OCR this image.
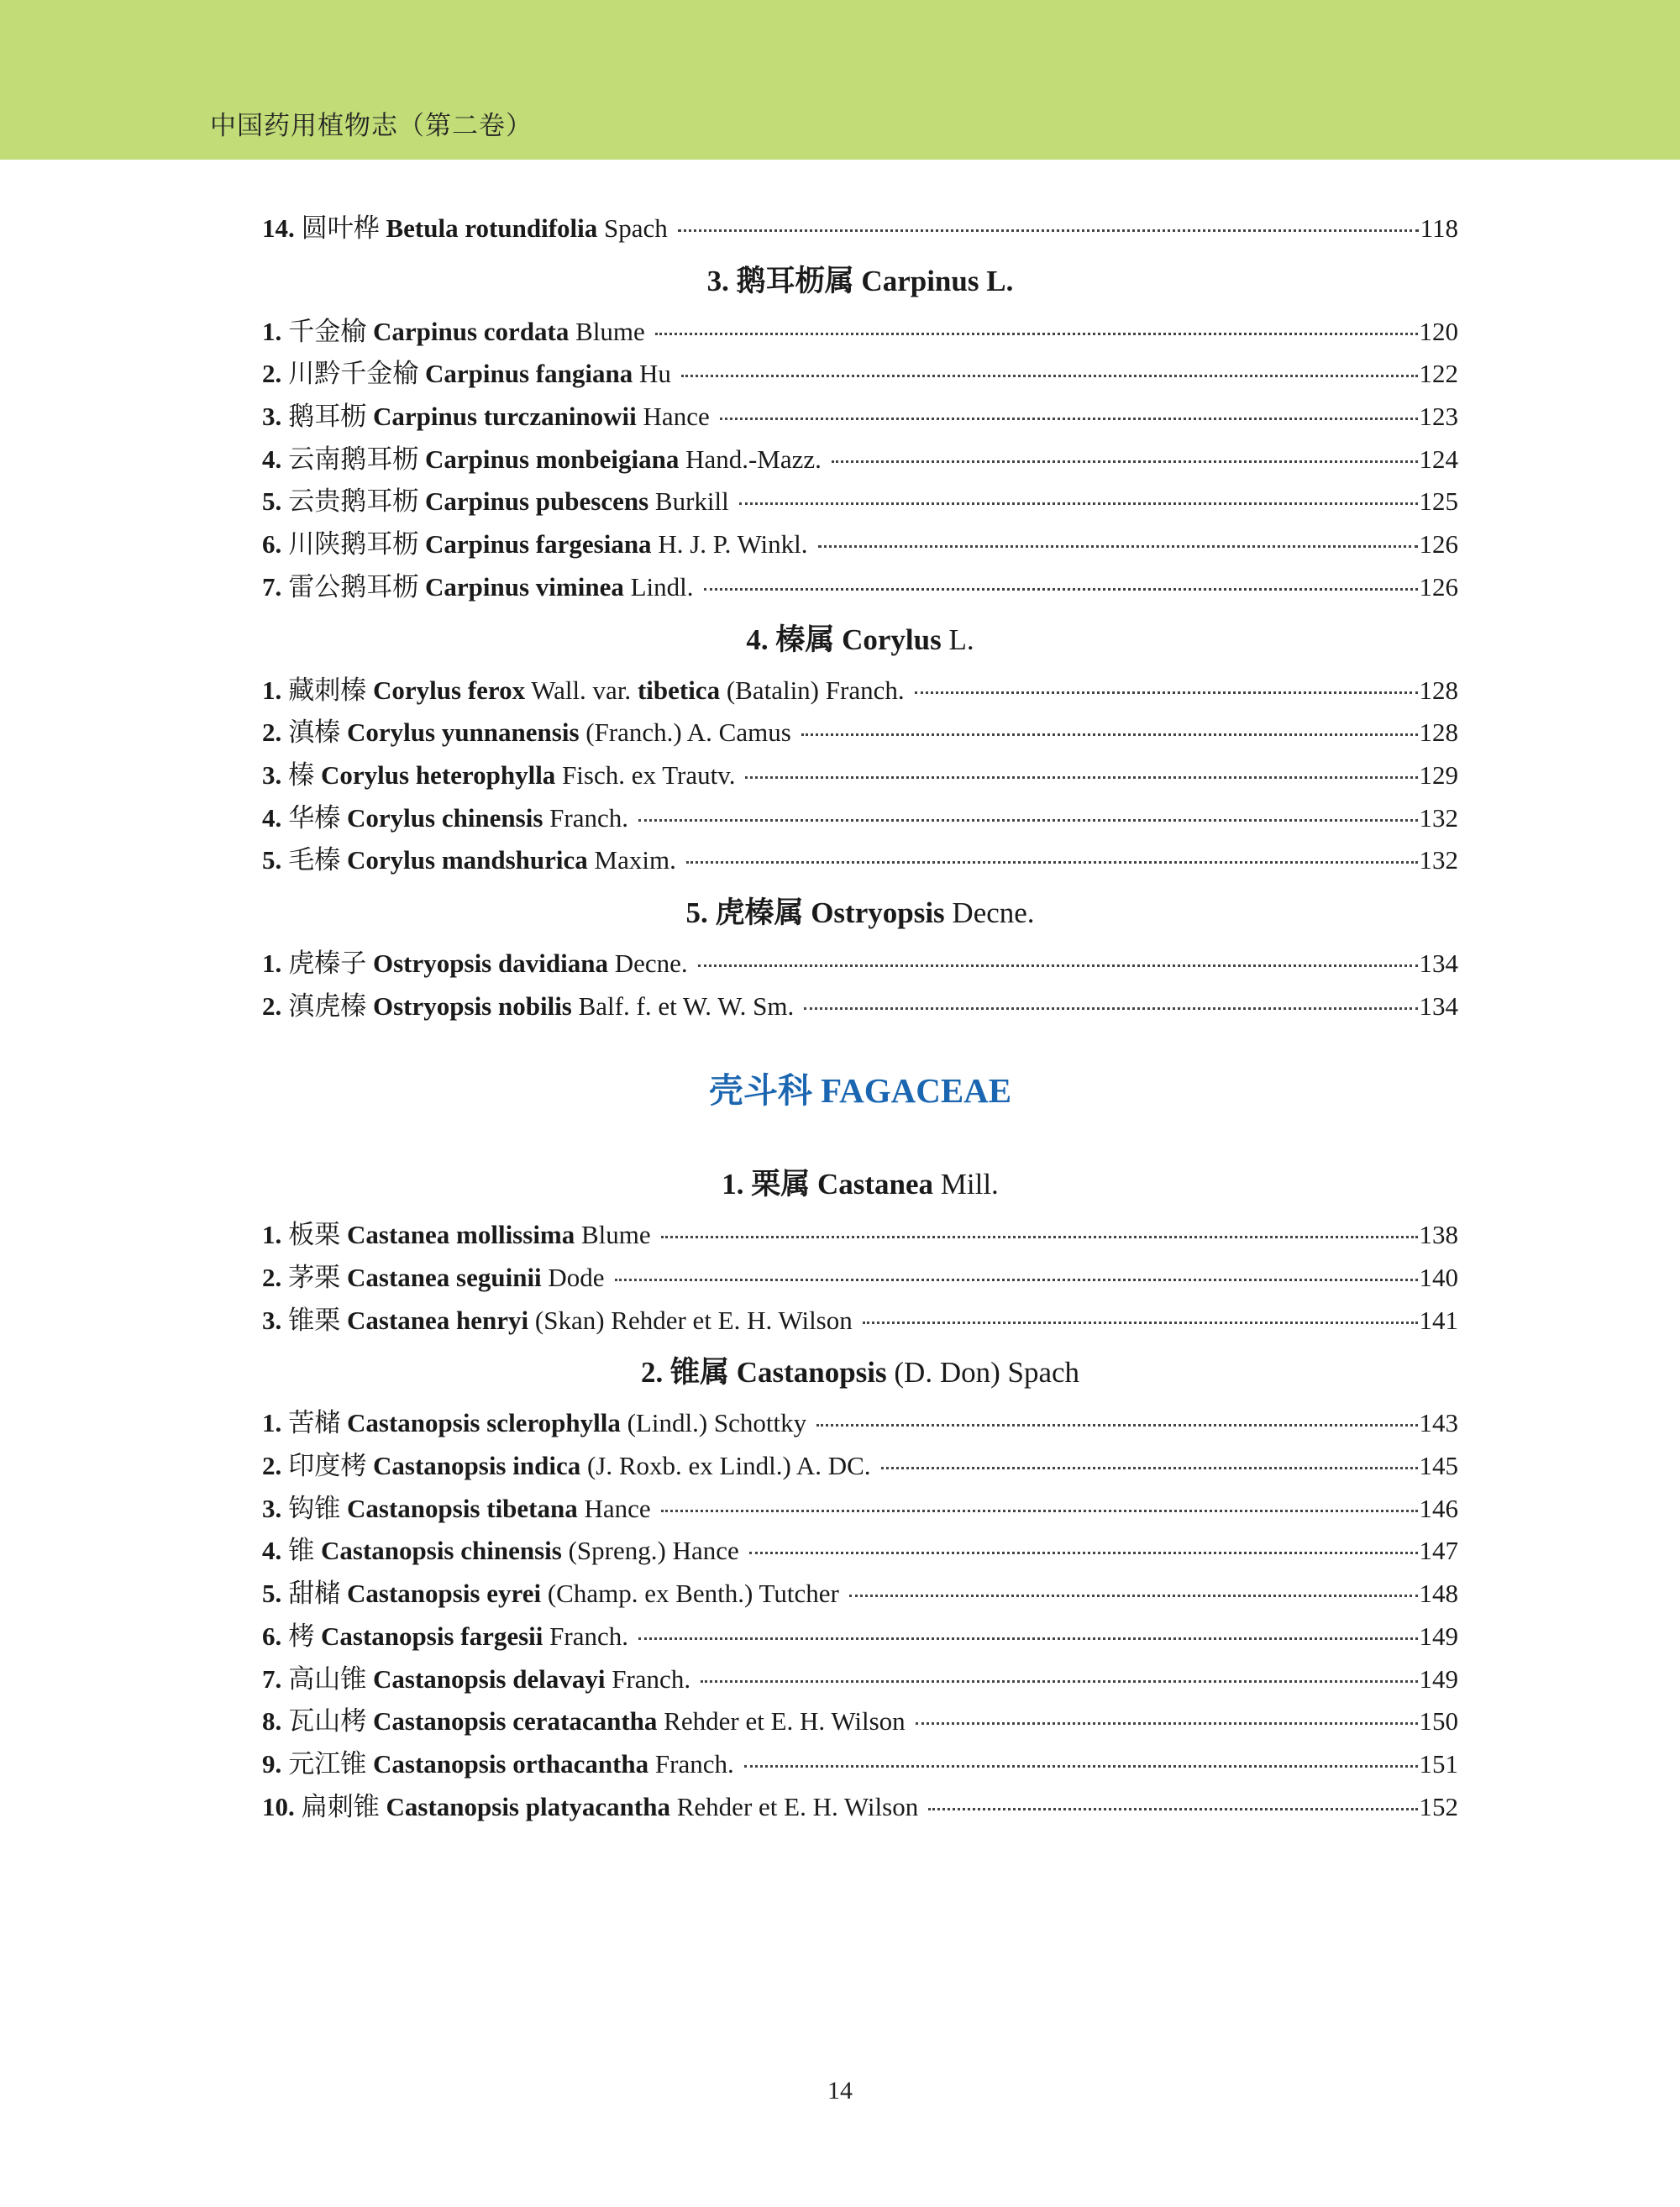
中国药用植物志（第二卷）
14. 圆叶桦 Betula rotundifolia Spach	118
3. 鹅耳枥属 Carpinus L.
1. 千金榆 Carpinus cordata Blume	120
2. 川黔千金榆 Carpinus fangiana Hu	122
3. 鹅耳枥 Carpinus turczaninowii Hance	123
4. 云南鹅耳枥 Carpinus monbeigiana Hand.-Mazz.	124
5. 云贵鹅耳枥 Carpinus pubescens Burkill	125
6. 川陕鹅耳枥 Carpinus fargesiana H. J. P. Winkl.	126
7. 雷公鹅耳枥 Carpinus viminea Lindl.	126
4. 榛属 Corylus L.
1. 藏刺榛 Corylus ferox Wall. var. tibetica (Batalin) Franch.	128
2. 滇榛 Corylus yunnanensis (Franch.) A. Camus	128
3. 榛 Corylus heterophylla Fisch. ex Trautv.	129
4. 华榛 Corylus chinensis Franch.	132
5. 毛榛 Corylus mandshurica Maxim.	132
5. 虎榛属 Ostryopsis Decne.
1. 虎榛子 Ostryopsis davidiana Decne.	134
2. 滇虎榛 Ostryopsis nobilis Balf. f. et W. W. Sm.	134
壳斗科 FAGACEAE
1. 栗属 Castanea Mill.
1. 板栗 Castanea mollissima Blume	138
2. 茅栗 Castanea seguinii Dode	140
3. 锥栗 Castanea henryi (Skan) Rehder et E. H. Wilson	141
2. 锥属 Castanopsis (D. Don) Spach
1. 苦槠 Castanopsis sclerophylla (Lindl.) Schottky	143
2. 印度栲 Castanopsis indica (J. Roxb. ex Lindl.) A. DC.	145
3. 钩锥 Castanopsis tibetana Hance	146
4. 锥 Castanopsis chinensis (Spreng.) Hance	147
5. 甜槠 Castanopsis eyrei (Champ. ex Benth.) Tutcher	148
6. 栲 Castanopsis fargesii Franch.	149
7. 高山锥 Castanopsis delavayi Franch.	149
8. 瓦山栲 Castanopsis ceratacantha Rehder et E. H. Wilson	150
9. 元江锥 Castanopsis orthacantha Franch.	151
10. 扁刺锥 Castanopsis platyacantha Rehder et E. H. Wilson	152
14
